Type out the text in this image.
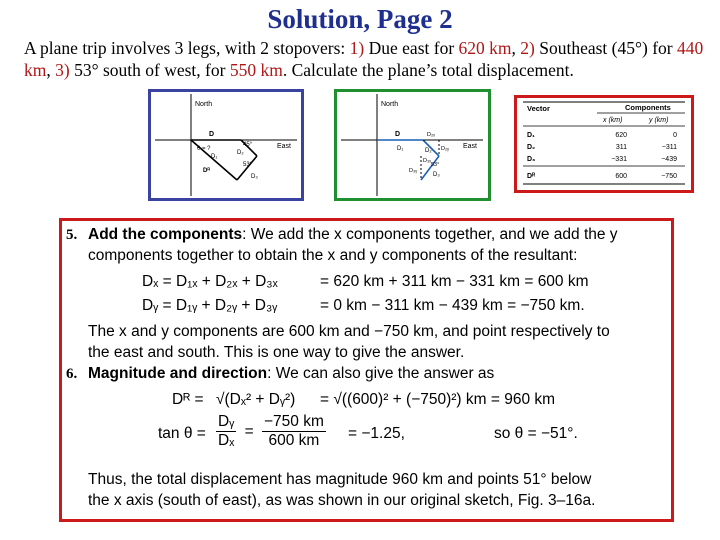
Solution, Page 2
A plane trip involves 3 legs, with 2 stopovers: 1) Due east for 620 km, 2) Southeast (45°) for 440 km, 3) 53° south of west, for 550 km. Calculate the plane’s total displacement.
North
East
D
θ = ?
45°
53°
D₁
D₂
D₃
Dᴿ
North
East
D
D₁	D₂
D₂ₓ
D₂ᵧ
D₃ᵧ
D₃ₓ
D₃
53°
Vector	Components
x (km)	y (km)
D₁	620	0
D₂	311	−311
D₃	−331	−439
Dᴿ	600	−750
5. Add the components: We add the x components together, and we add the y
components together to obtain the x and y components of the resultant:
Dₓ = D₁ₓ + D₂ₓ + D₃ₓ	= 620 km + 311 km − 331 km = 600 km
Dᵧ = D₁ᵧ + D₂ᵧ + D₃ᵧ	= 0 km − 311 km − 439 km = −750 km.
The x and y components are 600 km and −750 km, and point respectively to
the east and south. This is one way to give the answer.
6. Magnitude and direction: We can also give the answer as
Dᴿ = √(Dₓ² + Dᵧ²) = √((600)² + (−750)²) km = 960 km
$\tan \theta = \frac{\text{Dᵧ}}{\text{Dₓ}} = \frac{-750 km}{600 km} = -1.25$,	so θ = −51°.
Thus, the total displacement has magnitude 960 km and points 51° below
the x axis (south of east), as was shown in our original sketch, Fig. 3–16a.
